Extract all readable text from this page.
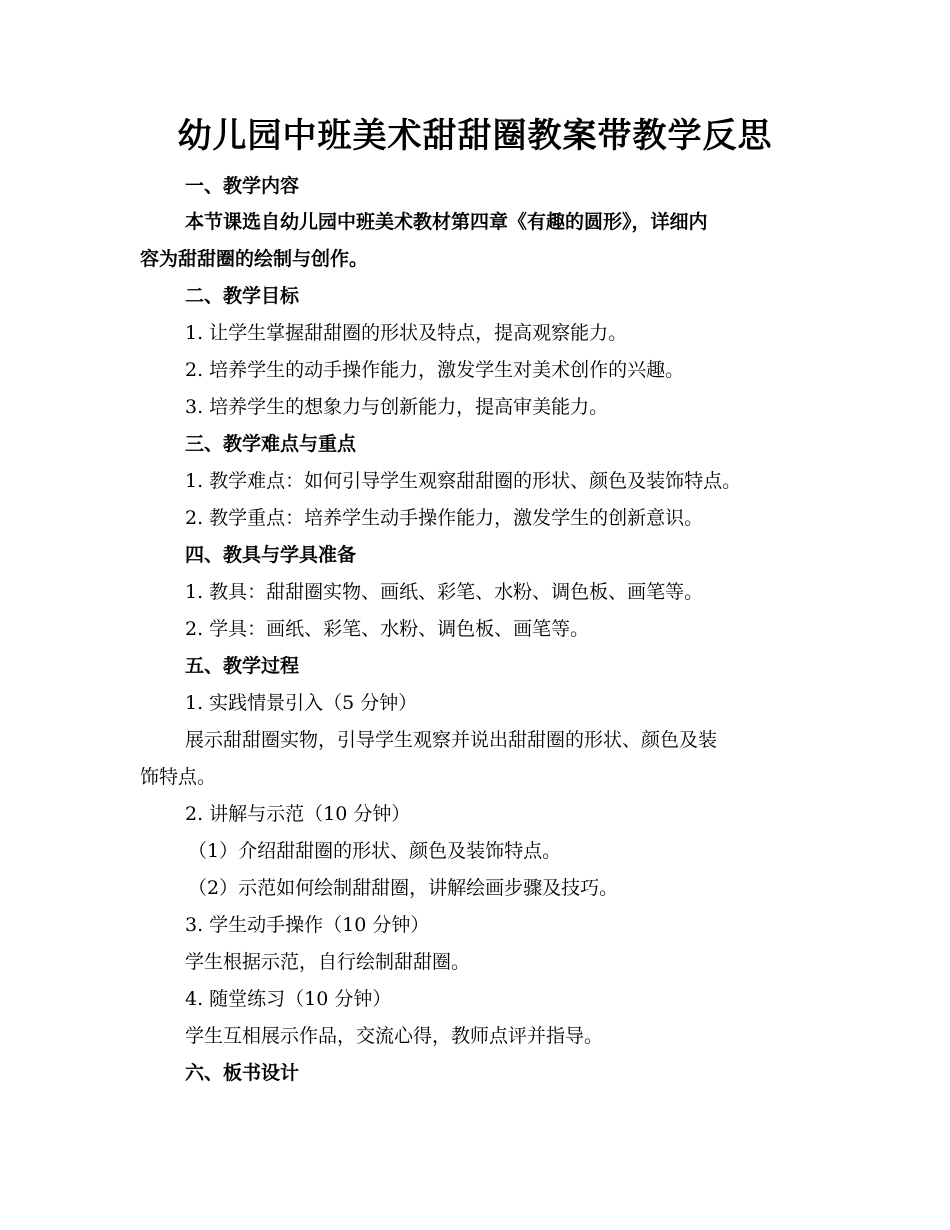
幼儿园中班美术甜甜圈教案带教学反思

一、教学内容

本节课选自幼儿园中班美术教材第四章《有趣的圆形》，详细内

容为甜甜圈的绘制与创作。

二、教学目标

1. 让学生掌握甜甜圈的形状及特点，提高观察能力。

2. 培养学生的动手操作能力，激发学生对美术创作的兴趣。

3. 培养学生的想象力与创新能力，提高审美能力。

三、教学难点与重点

1. 教学难点：如何引导学生观察甜甜圈的形状、颜色及装饰特点。

2. 教学重点：培养学生动手操作能力，激发学生的创新意识。

四、教具与学具准备

1. 教具：甜甜圈实物、画纸、彩笔、水粉、调色板、画笔等。

2. 学具：画纸、彩笔、水粉、调色板、画笔等。

五、教学过程

1. 实践情景引入（5 分钟）

展示甜甜圈实物，引导学生观察并说出甜甜圈的形状、颜色及装

饰特点。

2. 讲解与示范（10 分钟）

（1）介绍甜甜圈的形状、颜色及装饰特点。

（2）示范如何绘制甜甜圈，讲解绘画步骤及技巧。

3. 学生动手操作（10 分钟）

学生根据示范，自行绘制甜甜圈。

4. 随堂练习（10 分钟）

学生互相展示作品，交流心得，教师点评并指导。

六、板书设计
